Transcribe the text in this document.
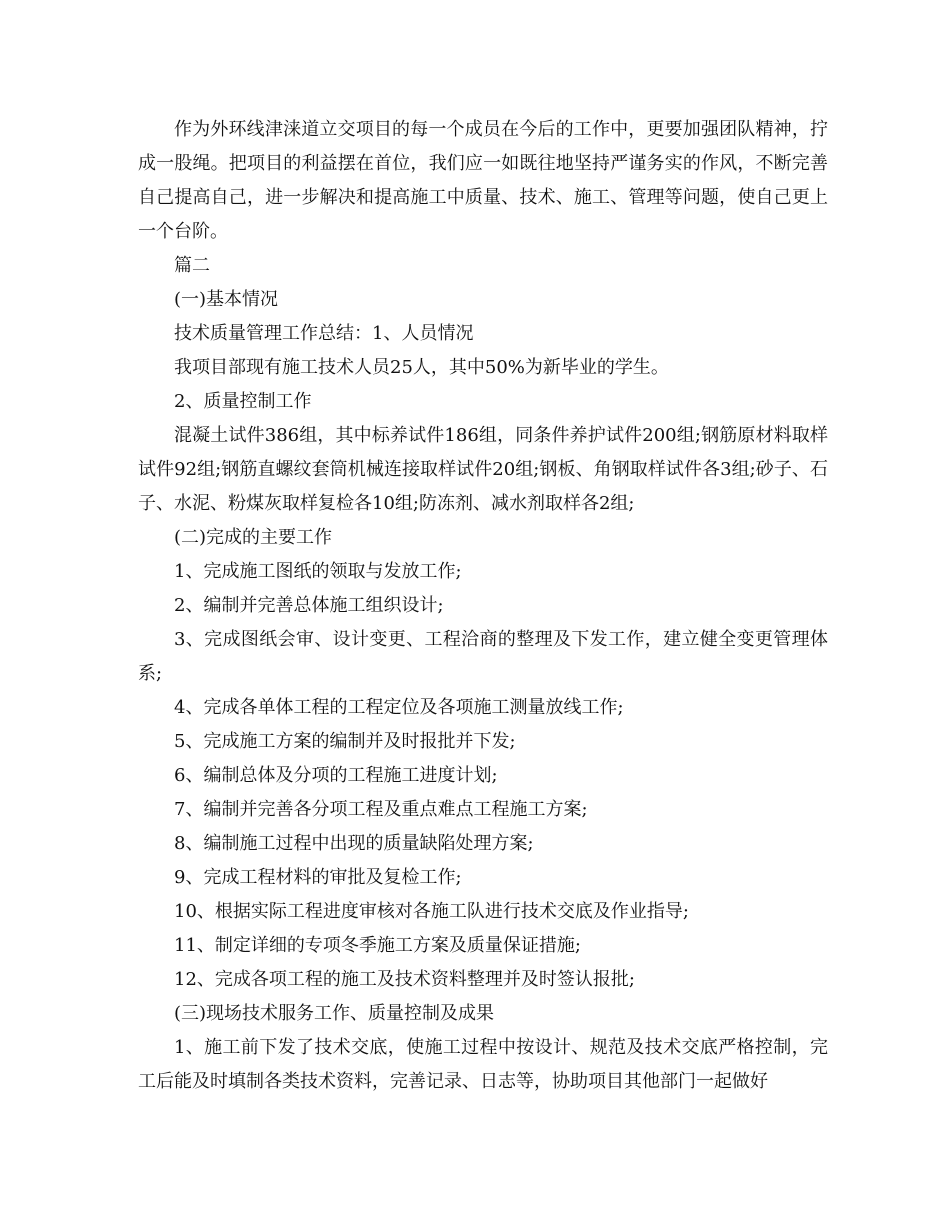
作为外环线津涞道立交项目的每一个成员在今后的工作中，更要加强团队精神，拧成一股绳。把项目的利益摆在首位，我们应一如既往地坚持严谨务实的作风，不断完善自己提高自己，进一步解决和提高施工中质量、技术、施工、管理等问题，使自己更上一个台阶。

篇二

(一)基本情况

技术质量管理工作总结：1、人员情况

我项目部现有施工技术人员25人，其中50%为新毕业的学生。

2、质量控制工作

混凝土试件386组，其中标养试件186组，同条件养护试件200组;钢筋原材料取样试件92组;钢筋直螺纹套筒机械连接取样试件20组;钢板、角钢取样试件各3组;砂子、石子、水泥、粉煤灰取样复检各10组;防冻剂、减水剂取样各2组;

(二)完成的主要工作

1、完成施工图纸的领取与发放工作;

2、编制并完善总体施工组织设计;

3、完成图纸会审、设计变更、工程洽商的整理及下发工作，建立健全变更管理体系;

4、完成各单体工程的工程定位及各项施工测量放线工作;

5、完成施工方案的编制并及时报批并下发;

6、编制总体及分项的工程施工进度计划;

7、编制并完善各分项工程及重点难点工程施工方案;

8、编制施工过程中出现的质量缺陷处理方案;

9、完成工程材料的审批及复检工作;

10、根据实际工程进度审核对各施工队进行技术交底及作业指导;

11、制定详细的专项冬季施工方案及质量保证措施;

12、完成各项工程的施工及技术资料整理并及时签认报批;

(三)现场技术服务工作、质量控制及成果

1、施工前下发了技术交底，使施工过程中按设计、规范及技术交底严格控制，完工后能及时填制各类技术资料，完善记录、日志等，协助项目其他部门一起做好
